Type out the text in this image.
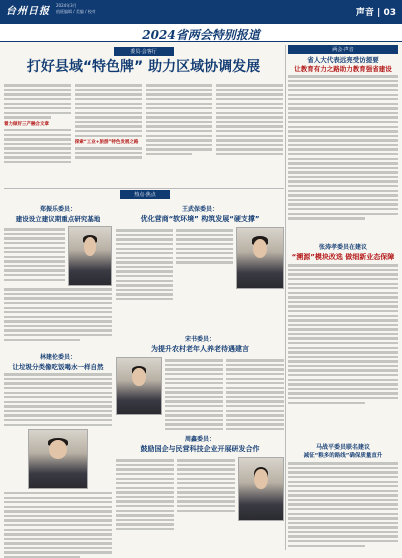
台州日报
2024年3月
值班编辑 / 美编 / 校对	声音 | 03
2024省两会特别报道
委员·会客厅
打好县域“特色牌” 助力区域协调发展
着力做好三产融合文章
探索“工业+旅游”特色发展之路
两会·声音
省人大代表远亮受访提要
让教育有力之路助力教育强省建设
热点·焦点
郑振乐委员：
建设设立建议期重点研究基地
王武保委员：
优化营商“软环境” 构筑发展“硬支撑”
张涛孝委员在建议
“溯源”模块改选 做细新业态保障
林建伦委员：
让垃圾分类像吃饭喝水一样自然
宋书委员：
为提升农村老年人养老待遇建言
马战平委员联名建议
减征“粮多的路线”确保质量直升
周鑫委员：
鼓励国企与民营科技企业开展研发合作
